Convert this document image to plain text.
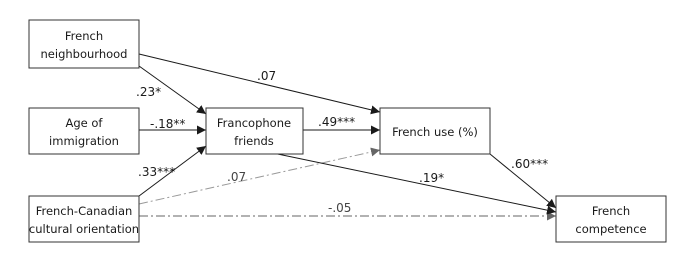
French
neighbourhood
Age of
immigration
French-Canadian
cultural orientation
Francophone
friends
French use (%)
French
competence
.23*
.07
-.18**
.33***	.07
-.05
.49***
.19*
.60***
